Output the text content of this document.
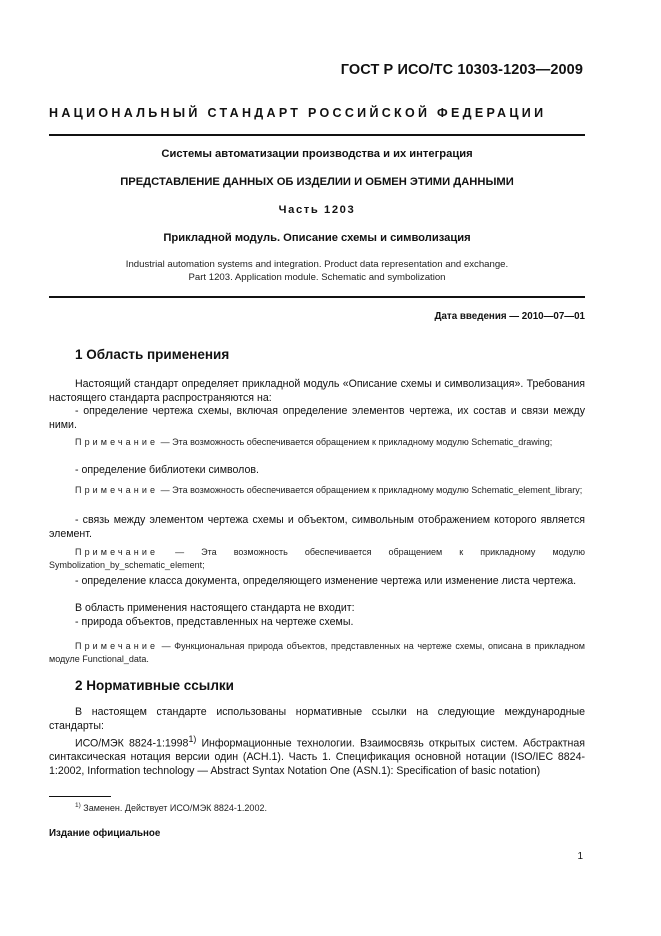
ГОСТ Р ИСО/ТС 10303-1203—2009
НАЦИОНАЛЬНЫЙ СТАНДАРТ РОССИЙСКОЙ ФЕДЕРАЦИИ
Системы автоматизации производства и их интеграция
ПРЕДСТАВЛЕНИЕ ДАННЫХ ОБ ИЗДЕЛИИ И ОБМЕН ЭТИМИ ДАННЫМИ
Часть 1203
Прикладной модуль. Описание схемы и символизация
Industrial automation systems and integration. Product data representation and exchange.
Part 1203. Application module. Schematic and symbolization
Дата введения — 2010—07—01
1 Область применения
Настоящий стандарт определяет прикладной модуль «Описание схемы и символизация». Требования настоящего стандарта распространяются на:
- определение чертежа схемы, включая определение элементов чертежа, их состав и связи между ними.
Примечание — Эта возможность обеспечивается обращением к прикладному модулю Schematic_drawing;
- определение библиотеки символов.
Примечание — Эта возможность обеспечивается обращением к прикладному модулю Schematic_element_library;
- связь между элементом чертежа схемы и объектом, символьным отображением которого является элемент.
Примечание — Эта возможность обеспечивается обращением к прикладному модулю Symbolization_by_schematic_element;
- определение класса документа, определяющего изменение чертежа или изменение листа чертежа.
В область применения настоящего стандарта не входит:
- природа объектов, представленных на чертеже схемы.
Примечание — Функциональная природа объектов, представленных на чертеже схемы, описана в прикладном модуле Functional_data.
2 Нормативные ссылки
В настоящем стандарте использованы нормативные ссылки на следующие международные стандарты:
ИСО/МЭК 8824-1:1998$^{1)}$ Информационные технологии. Взаимосвязь открытых систем. Абстрактная синтаксическая нотация версии один (АСН.1). Часть 1. Спецификация основной нотации (ISO/IEC 8824-1:2002, Information technology — Abstract Syntax Notation One (ASN.1): Specification of basic notation)
$^{1)}$ Заменен. Действует ИСО/МЭК 8824-1.2002.
Издание официальное
1
